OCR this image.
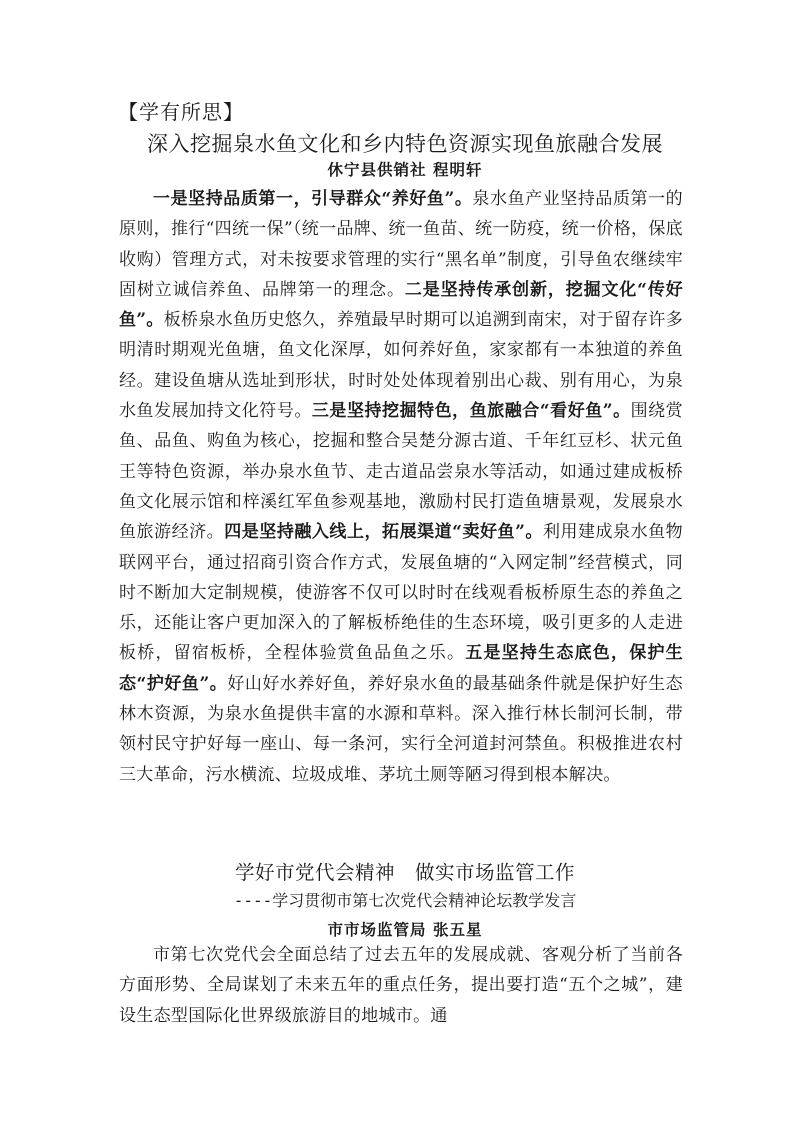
【学有所思】
深入挖掘泉水鱼文化和乡内特色资源实现鱼旅融合发展
休宁县供销社 程明轩
一是坚持品质第一，引导群众“养好鱼”。泉水鱼产业坚持品质第一的原则，推行“四统一保”（统一品牌、统一鱼苗、统一防疫，统一价格，保底收购）管理方式，对未按要求管理的实行“黑名单”制度，引导鱼农继续牢固树立诚信养鱼、品牌第一的理念。二是坚持传承创新，挖掘文化“传好鱼”。板桥泉水鱼历史悠久，养殖最早时期可以追溯到南宋，对于留存许多明清时期观光鱼塘，鱼文化深厚，如何养好鱼，家家都有一本独道的养鱼经。建设鱼塘从选址到形状，时时处处体现着别出心裁、别有用心，为泉水鱼发展加持文化符号。三是坚持挖掘特色，鱼旅融合“看好鱼”。围绕赏鱼、品鱼、购鱼为核心，挖掘和整合吴楚分源古道、千年红豆杉、状元鱼王等特色资源，举办泉水鱼节、走古道品尝泉水等活动，如通过建成板桥鱼文化展示馆和梓溪红军鱼参观基地，激励村民打造鱼塘景观，发展泉水鱼旅游经济。四是坚持融入线上，拓展渠道“卖好鱼”。利用建成泉水鱼物联网平台，通过招商引资合作方式，发展鱼塘的“入网定制”经营模式，同时不断加大定制规模，使游客不仅可以时时在线观看板桥原生态的养鱼之乐，还能让客户更加深入的了解板桥绝佳的生态环境，吸引更多的人走进板桥，留宿板桥，全程体验赏鱼品鱼之乐。五是坚持生态底色，保护生态“护好鱼”。好山好水养好鱼，养好泉水鱼的最基础条件就是保护好生态林木资源，为泉水鱼提供丰富的水源和草料。深入推行林长制河长制，带领村民守护好每一座山、每一条河，实行全河道封河禁鱼。积极推进农村三大革命，污水横流、垃圾成堆、茅坑土厕等陋习得到根本解决。
学好市党代会精神　做实市场监管工作
----学习贯彻市第七次党代会精神论坛教学发言
市市场监管局 张五星
市第七次党代会全面总结了过去五年的发展成就、客观分析了当前各方面形势、全局谋划了未来五年的重点任务，提出要打造“五个之城”，建设生态型国际化世界级旅游目的地城市。通
